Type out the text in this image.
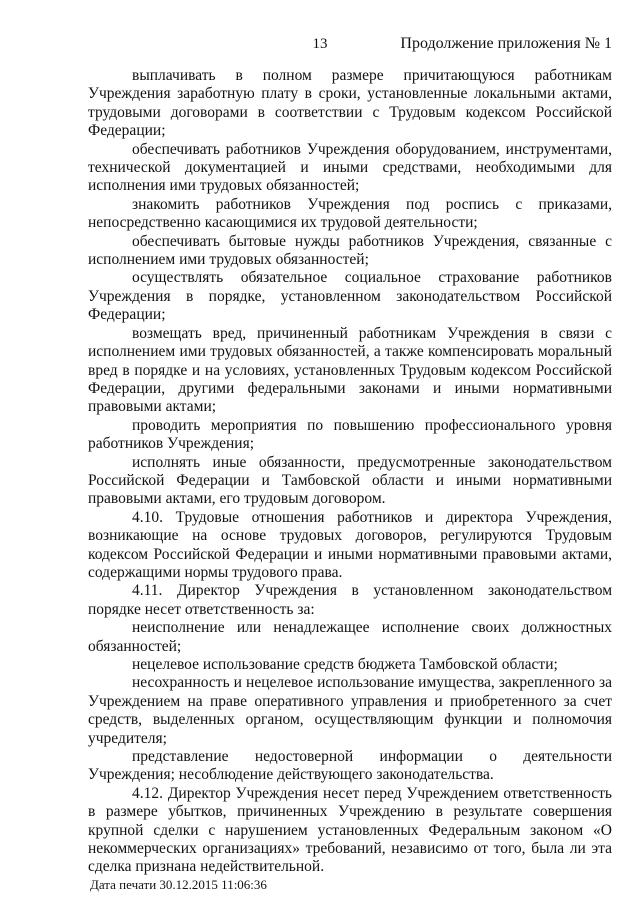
13	Продолжение приложения № 1

выплачивать в полном размере причитающуюся работникам Учреждения заработную плату в сроки, установленные локальными актами, трудовыми договорами в соответствии с Трудовым кодексом Российской Федерации;

обеспечивать работников Учреждения оборудованием, инструментами, технической документацией и иными средствами, необходимыми для исполнения ими трудовых обязанностей;

знакомить работников Учреждения под роспись с приказами, непосредственно касающимися их трудовой деятельности;

обеспечивать бытовые нужды работников Учреждения, связанные с исполнением ими трудовых обязанностей;

осуществлять обязательное социальное страхование работников Учреждения в порядке, установленном законодательством Российской Федерации;

возмещать вред, причиненный работникам Учреждения в связи с исполнением ими трудовых обязанностей, а также компенсировать моральный вред в порядке и на условиях, установленных Трудовым кодексом Российской Федерации, другими федеральными законами и иными нормативными правовыми актами;

проводить мероприятия по повышению профессионального уровня работников Учреждения;

исполнять иные обязанности, предусмотренные законодательством Российской Федерации и Тамбовской области и иными нормативными правовыми актами, его трудовым договором.

4.10. Трудовые отношения работников и директора Учреждения, возникающие на основе трудовых договоров, регулируются Трудовым кодексом Российской Федерации и иными нормативными правовыми актами, содержащими нормы трудового права.

4.11. Директор Учреждения в установленном законодательством порядке несет ответственность за:

неисполнение или ненадлежащее исполнение своих должностных обязанностей;

нецелевое использование средств бюджета Тамбовской области;

несохранность и нецелевое использование имущества, закрепленного за Учреждением на праве оперативного управления и приобретенного за счет средств, выделенных органом, осуществляющим функции и полномочия учредителя;

представление недостоверной информации о деятельности Учреждения; несоблюдение действующего законодательства.

4.12. Директор Учреждения несет перед Учреждением ответственность в размере убытков, причиненных Учреждению в результате совершения крупной сделки с нарушением установленных Федеральным законом «О некоммерческих организациях» требований, независимо от того, была ли эта сделка признана недействительной.

Дата печати 30.12.2015 11:06:36
